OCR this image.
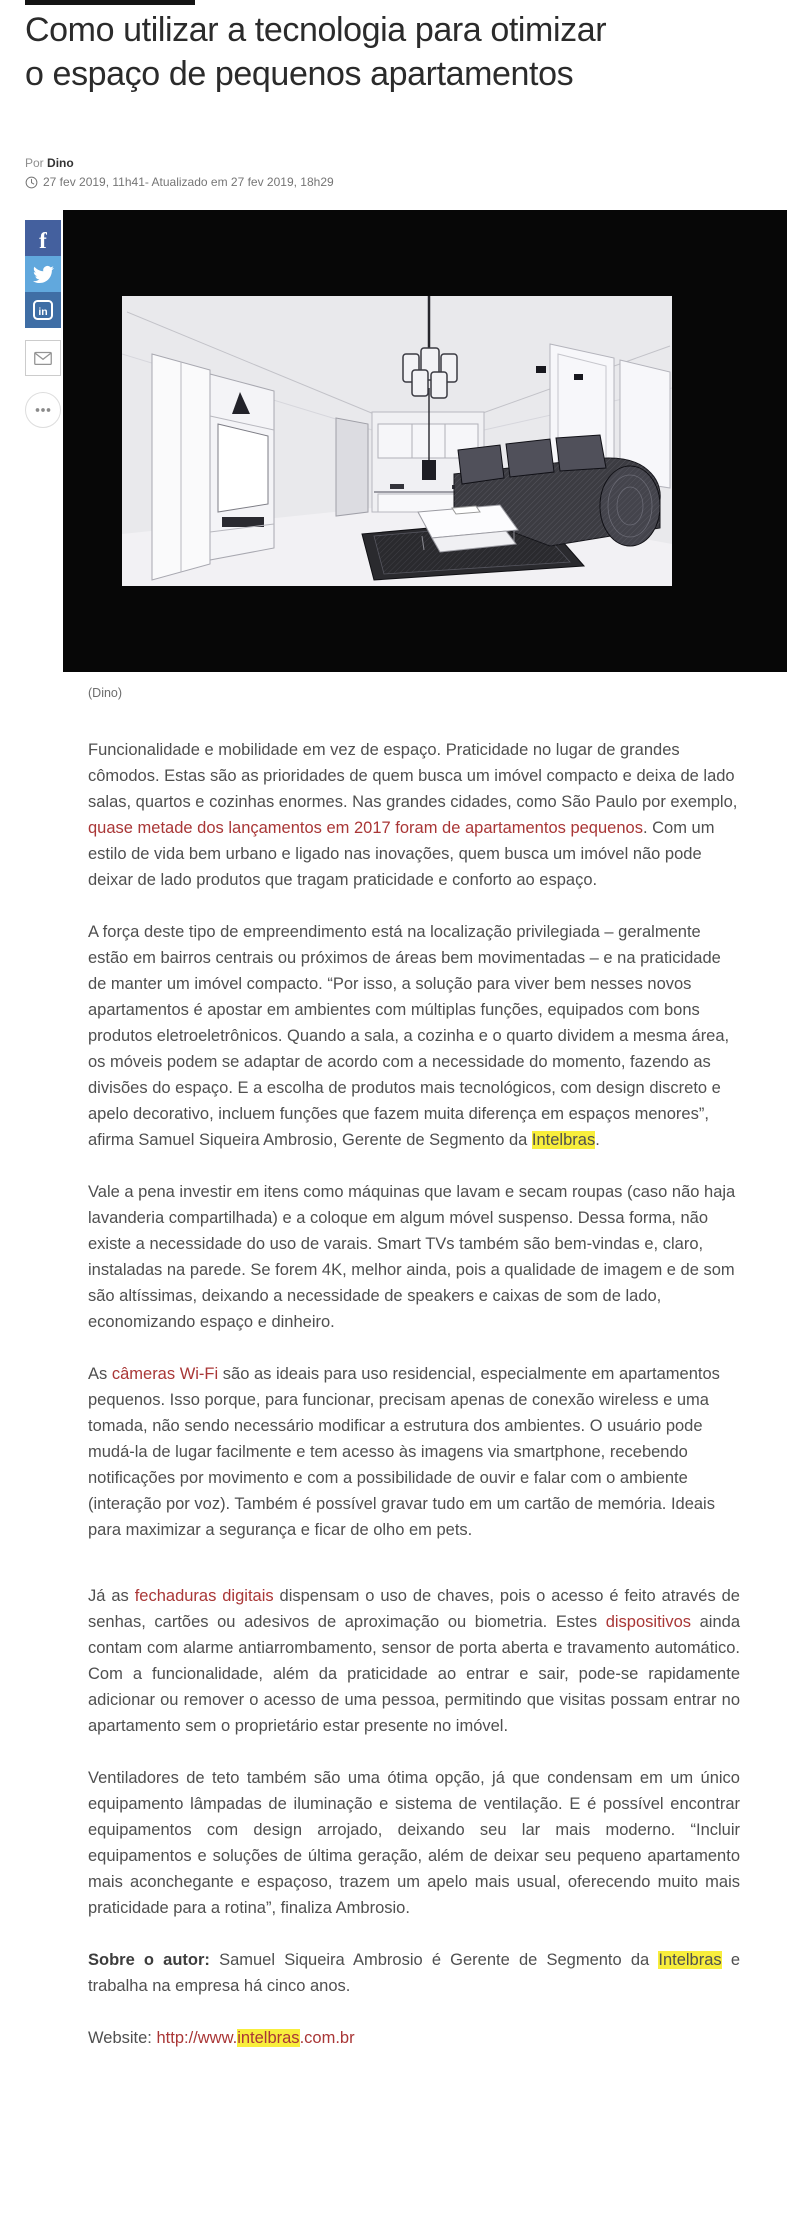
Como utilizar a tecnologia para otimizar o espaço de pequenos apartamentos
Por Dino
27 fev 2019, 11h41- Atualizado em 27 fev 2019, 18h29
f
in
(Dino)

Funcionalidade e mobilidade em vez de espaço. Praticidade no lugar de grandes cômodos. Estas são as prioridades de quem busca um imóvel compacto e deixa de lado salas, quartos e cozinhas enormes. Nas grandes cidades, como São Paulo por exemplo, quase metade dos lançamentos em 2017 foram de apartamentos pequenos. Com um estilo de vida bem urbano e ligado nas inovações, quem busca um imóvel não pode deixar de lado produtos que tragam praticidade e conforto ao espaço.

A força deste tipo de empreendimento está na localização privilegiada – geralmente estão em bairros centrais ou próximos de áreas bem movimentadas – e na praticidade de manter um imóvel compacto. “Por isso, a solução para viver bem nesses novos apartamentos é apostar em ambientes com múltiplas funções, equipados com bons produtos eletroeletrônicos. Quando a sala, a cozinha e o quarto dividem a mesma área, os móveis podem se adaptar de acordo com a necessidade do momento, fazendo as divisões do espaço. E a escolha de produtos mais tecnológicos, com design discreto e apelo decorativo, incluem funções que fazem muita diferença em espaços menores”, afirma Samuel Siqueira Ambrosio, Gerente de Segmento da Intelbras.

Vale a pena investir em itens como máquinas que lavam e secam roupas (caso não haja lavanderia compartilhada) e a coloque em algum móvel suspenso. Dessa forma, não existe a necessidade do uso de varais. Smart TVs também são bem-vindas e, claro, instaladas na parede. Se forem 4K, melhor ainda, pois a qualidade de imagem e de som são altíssimas, deixando a necessidade de speakers e caixas de som de lado, economizando espaço e dinheiro.

As câmeras Wi-Fi são as ideais para uso residencial, especialmente em apartamentos pequenos. Isso porque, para funcionar, precisam apenas de conexão wireless e uma tomada, não sendo necessário modificar a estrutura dos ambientes. O usuário pode mudá-la de lugar facilmente e tem acesso às imagens via smartphone, recebendo notificações por movimento e com a possibilidade de ouvir e falar com o ambiente (interação por voz). Também é possível gravar tudo em um cartão de memória. Ideais para maximizar a segurança e ficar de olho em pets.

Já as fechaduras digitais dispensam o uso de chaves, pois o acesso é feito através de senhas, cartões ou adesivos de aproximação ou biometria. Estes dispositivos ainda contam com alarme antiarrombamento, sensor de porta aberta e travamento automático. Com a funcionalidade, além da praticidade ao entrar e sair, pode-se rapidamente adicionar ou remover o acesso de uma pessoa, permitindo que visitas possam entrar no apartamento sem o proprietário estar presente no imóvel.

Ventiladores de teto também são uma ótima opção, já que condensam em um único equipamento lâmpadas de iluminação e sistema de ventilação. E é possível encontrar equipamentos com design arrojado, deixando seu lar mais moderno. “Incluir equipamentos e soluções de última geração, além de deixar seu pequeno apartamento mais aconchegante e espaçoso, trazem um apelo mais usual, oferecendo muito mais praticidade para a rotina”, finaliza Ambrosio.

Sobre o autor: Samuel Siqueira Ambrosio é Gerente de Segmento da Intelbras e trabalha na empresa há cinco anos.

Website: http://www.intelbras.com.br
